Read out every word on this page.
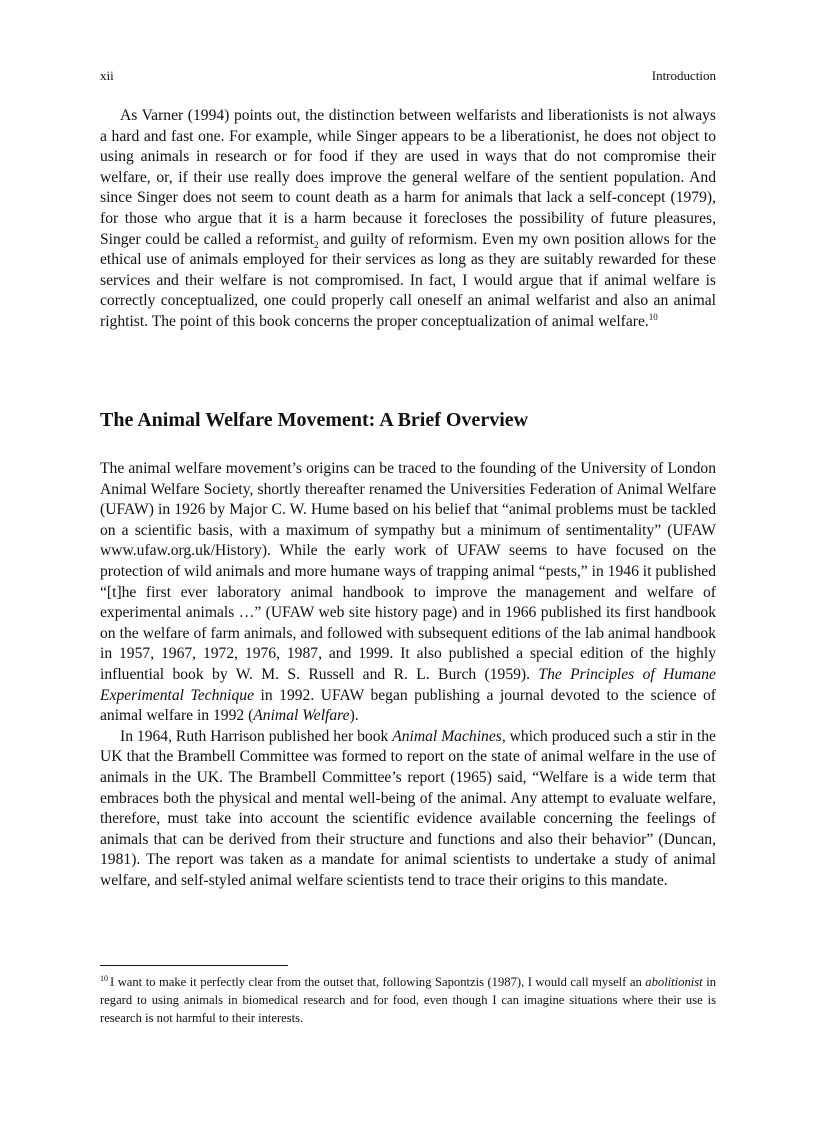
xii	Introduction

As Varner (1994) points out, the distinction between welfarists and liberationists is not always a hard and fast one. For example, while Singer appears to be a liberationist, he does not object to using animals in research or for food if they are used in ways that do not compromise their welfare, or, if their use really does improve the general welfare of the sentient population. And since Singer does not seem to count death as a harm for animals that lack a self-concept (1979), for those who argue that it is a harm because it forecloses the possibility of future pleasures, Singer could be called a reformist$_2$ and guilty of reformism. Even my own position allows for the ethical use of animals employed for their services as long as they are suitably rewarded for these services and their welfare is not compromised. In fact, I would argue that if animal welfare is correctly conceptualized, one could properly call oneself an animal welfarist and also an animal rightist. The point of this book concerns the proper conceptualization of animal welfare.$^{10}$

The Animal Welfare Movement: A Brief Overview

The animal welfare movement’s origins can be traced to the founding of the University of London Animal Welfare Society, shortly thereafter renamed the Universities Federation of Animal Welfare (UFAW) in 1926 by Major C. W. Hume based on his belief that “animal problems must be tackled on a scientific basis, with a maximum of sympathy but a minimum of sentimentality” (UFAW www.ufaw.org.uk/History). While the early work of UFAW seems to have focused on the protection of wild animals and more humane ways of trapping animal “pests,” in 1946 it published “[t]he first ever laboratory animal handbook to improve the management and welfare of experimental animals …” (UFAW web site history page) and in 1966 published its first handbook on the welfare of farm animals, and followed with subsequent editions of the lab animal handbook in 1957, 1967, 1972, 1976, 1987, and 1999. It also published a special edition of the highly influential book by W. M. S. Russell and R. L. Burch (1959). The Principles of Humane Experimental Technique in 1992. UFAW began publishing a journal devoted to the science of animal welfare in 1992 (Animal Welfare).

In 1964, Ruth Harrison published her book Animal Machines, which produced such a stir in the UK that the Brambell Committee was formed to report on the state of animal welfare in the use of animals in the UK. The Brambell Committee’s report (1965) said, “Welfare is a wide term that embraces both the physical and mental well-being of the animal. Any attempt to evaluate welfare, therefore, must take into account the scientific evidence available concerning the feelings of animals that can be derived from their structure and functions and also their behavior” (Duncan, 1981). The report was taken as a mandate for animal scientists to undertake a study of animal welfare, and self-styled animal welfare scientists tend to trace their origins to this mandate.

$^{10}$ I want to make it perfectly clear from the outset that, following Sapontzis (1987), I would call myself an abolitionist in regard to using animals in biomedical research and for food, even though I can imagine situations where their use is research is not harmful to their interests.
